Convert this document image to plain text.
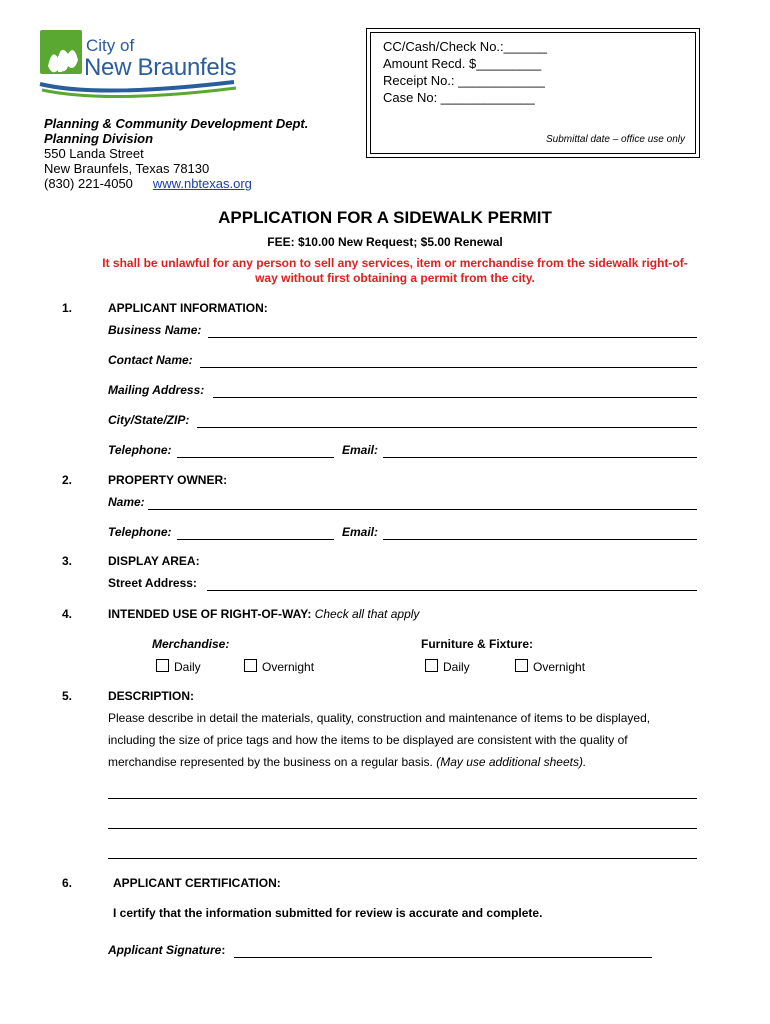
City of
New Braunfels
CC/Cash/Check No.:______
Amount Recd. $_________
Receipt No.: ____________
Case No: _____________
Submittal date – office use only
Planning & Community Development Dept.
Planning Division
550 Landa Street
New Braunfels, Texas 78130
(830) 221-4050 www.nbtexas.org
APPLICATION FOR A SIDEWALK PERMIT
FEE: $10.00 New Request; $5.00 Renewal
It shall be unlawful for any person to sell any services, item or merchandise from the sidewalk right-of-way without first obtaining a permit from the city.
1.	APPLICANT INFORMATION:
Business Name:
Contact Name:
Mailing Address:
City/State/ZIP:
Telephone:	Email:
2.	PROPERTY OWNER:
Name:
Telephone:	Email:
3.	DISPLAY AREA:
Street Address:
4.	INTENDED USE OF RIGHT-OF-WAY: Check all that apply
Merchandise:	Furniture & Fixture:
Daily	Overnight	Daily	Overnight
5.	DESCRIPTION:
Please describe in detail the materials, quality, construction and maintenance of items to be displayed,
including the size of price tags and how the items to be displayed are consistent with the quality of
merchandise represented by the business on a regular basis. (May use additional sheets).
6.	APPLICANT CERTIFICATION:
I certify that the information submitted for review is accurate and complete.
Applicant Signature:
